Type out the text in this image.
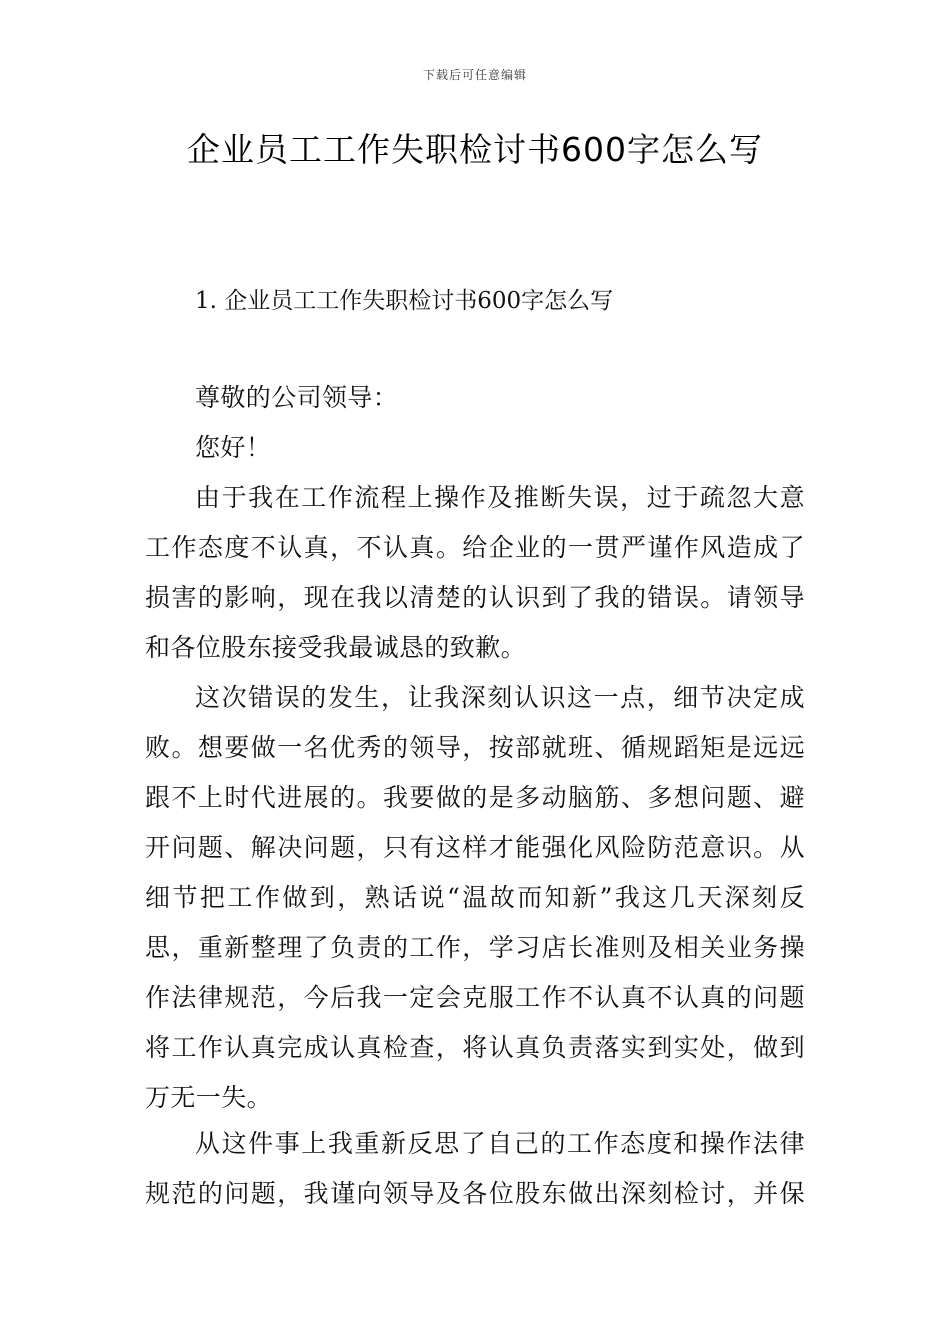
下载后可任意编辑
企业员工工作失职检讨书600字怎么写
1. 企业员工工作失职检讨书600字怎么写
尊敬的公司领导：
您好！
由于我在工作流程上操作及推断失误，过于疏忽大意
工作态度不认真，不认真。给企业的一贯严谨作风造成了
损害的影响，现在我以清楚的认识到了我的错误。请领导
和各位股东接受我最诚恳的致歉。
这次错误的发生，让我深刻认识这一点，细节决定成
败。想要做一名优秀的领导，按部就班、循规蹈矩是远远
跟不上时代进展的。我要做的是多动脑筋、多想问题、避
开问题、解决问题，只有这样才能强化风险防范意识。从
细节把工作做到，熟话说“温故而知新”我这几天深刻反
思，重新整理了负责的工作，学习店长准则及相关业务操
作法律规范，今后我一定会克服工作不认真不认真的问题
将工作认真完成认真检查，将认真负责落实到实处，做到
万无一失。
从这件事上我重新反思了自己的工作态度和操作法律
规范的问题，我谨向领导及各位股东做出深刻检讨，并保
